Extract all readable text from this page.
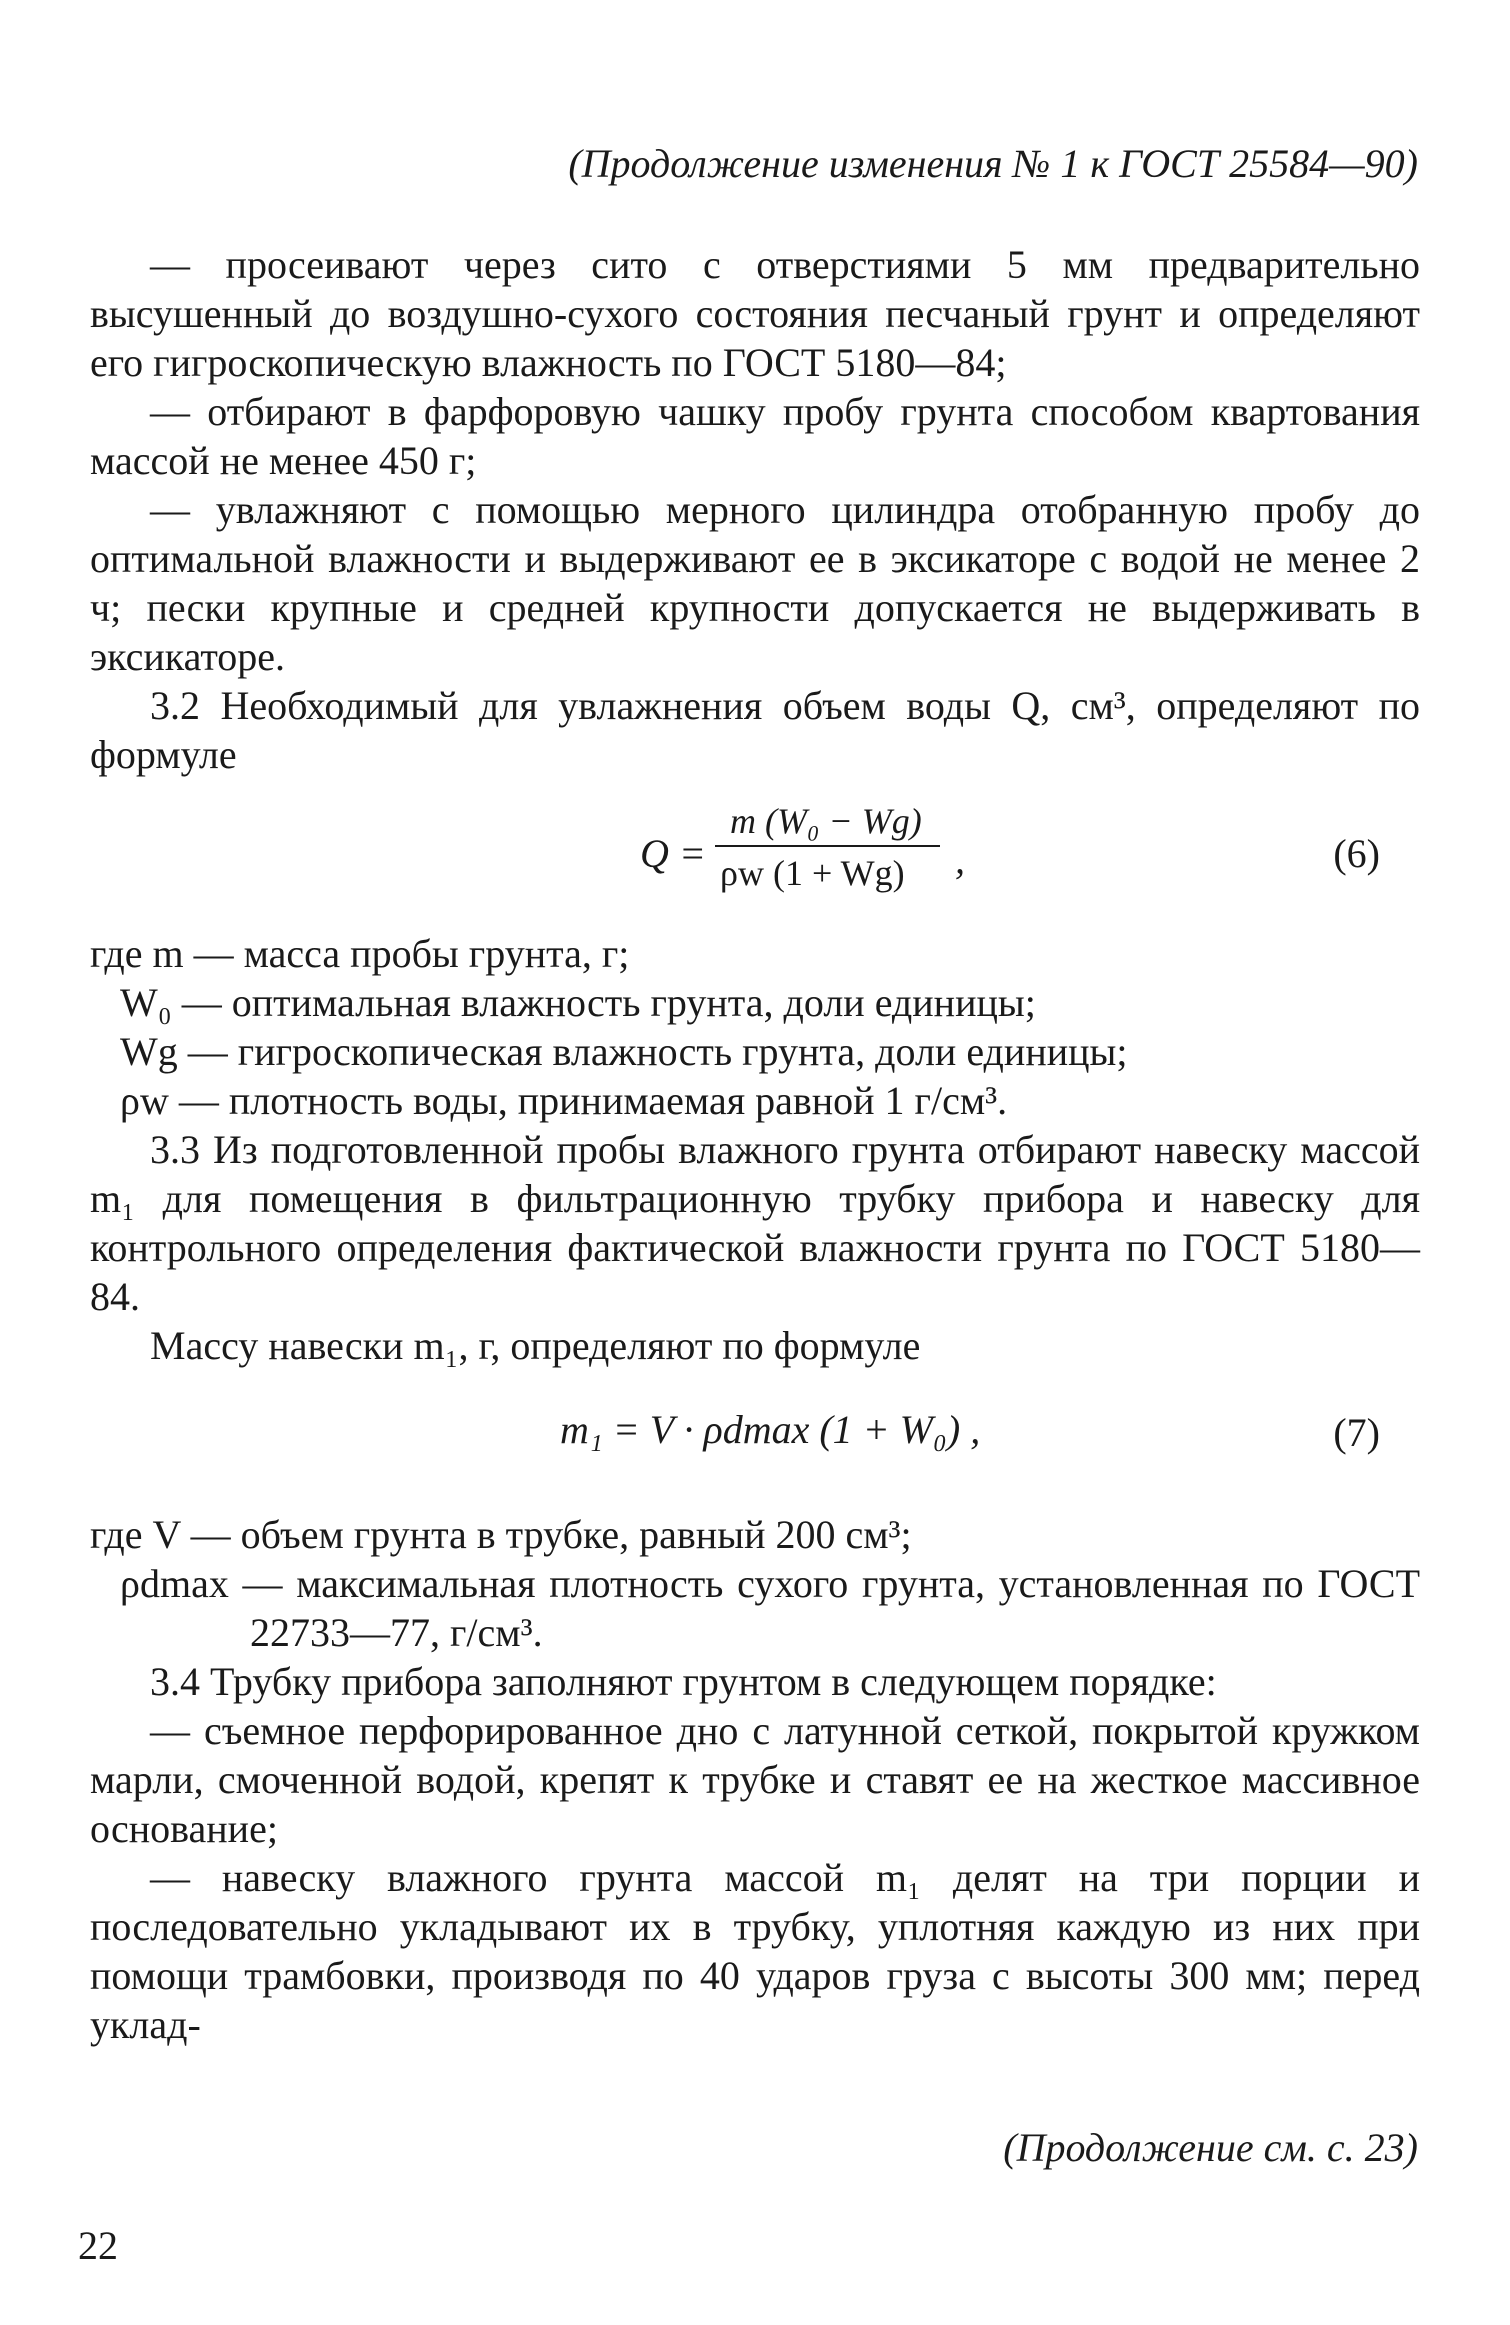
(Продолжение изменения № 1 к ГОСТ 25584—90)

— просеивают через сито с отверстиями 5 мм предварительно высушенный до воздушно-сухого состояния песчаный грунт и определяют его гигроскопическую влажность по ГОСТ 5180—84;

— отбирают в фарфоровую чашку пробу грунта способом квартования массой не менее 450 г;

— увлажняют с помощью мерного цилиндра отобранную пробу до оптимальной влажности и выдерживают ее в эксикаторе с водой не менее 2 ч; пески крупные и средней крупности допускается не выдерживать в эксикаторе.

3.2 Необходимый для увлажнения объем воды Q, см³, определяют по формуле

Q =
m (W₀ − Wg)
ρw (1 + Wg) ,	(6)
где m — масса пробы грунта, г;
W₀ — оптимальная влажность грунта, доли единицы;
Wg — гигроскопическая влажность грунта, доли единицы;
ρw — плотность воды, принимаемая равной 1 г/см³.

3.3 Из подготовленной пробы влажного грунта отбирают навеску массой m₁ для помещения в фильтрационную трубку прибора и навеску для контрольного определения фактической влажности грунта по ГОСТ 5180—84.

Массу навески m₁, г, определяют по формуле

m₁ = V · ρdmax (1 + W₀) ,	(7)
где V — объем грунта в трубке, равный 200 см³;
ρdmax — максимальная плотность сухого грунта, установленная по ГОСТ 22733—77, г/см³.

3.4 Трубку прибора заполняют грунтом в следующем порядке:

— съемное перфорированное дно с латунной сеткой, покрытой кружком марли, смоченной водой, крепят к трубке и ставят ее на жесткое массивное основание;

— навеску влажного грунта массой m₁ делят на три порции и последовательно укладывают их в трубку, уплотняя каждую из них при помощи трамбовки, производя по 40 ударов груза с высоты 300 мм; перед уклад-

(Продолжение см. с. 23)
22
